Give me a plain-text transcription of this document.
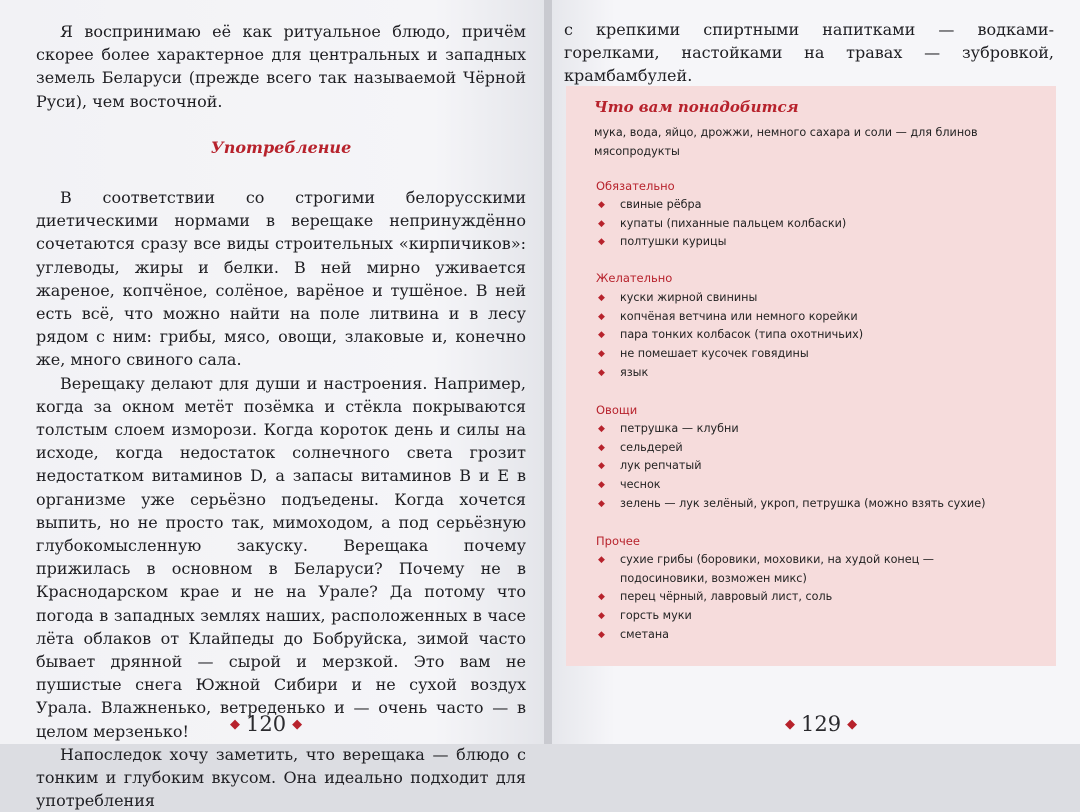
Я воспринимаю её как ритуальное блюдо, причём скорее более характерное для центральных и западных земель Беларуси (прежде всего так называемой Чёрной Руси), чем восточной.

Употребление

В соответствии со строгими белорусскими диетическими нормами в верещаке непринуждённо сочетаются сразу все виды строительных «кирпичиков»: углеводы, жиры и белки. В ней мирно уживается жареное, копчёное, солёное, варёное и тушёное. В ней есть всё, что можно найти на поле литвина и в лесу рядом с ним: грибы, мясо, овощи, злаковые и, конечно же, много свиного сала.

Верещаку делают для души и настроения. Например, когда за окном метёт позёмка и стёкла покрываются толстым слоем изморози. Когда короток день и силы на исходе, когда недостаток солнечного света грозит недостатком витаминов D, а запасы витаминов В и Е в организме уже серьёзно подъедены. Когда хочется выпить, но не просто так, мимоходом, а под серьёзную глубокомысленную закуску. Верещака почему прижилась в основном в Беларуси? Почему не в Краснодарском крае и не на Урале? Да потому что погода в западных землях наших, расположенных в часе лёта облаков от Клайпеды до Бобруйска, зимой часто бывает дрянной — сырой и мерзкой. Это вам не пушистые снега Южной Сибири и не сухой воздух Урала. Влажненько, ветреденько и — очень часто — в целом мерзенько!

Напоследок хочу заметить, что верещака — блюдо с тонким и глубоким вкусом. Она идеально подходит для употребления

◆ 120 ◆

с крепкими спиртными напитками — водками-горелками, настойками на травах — зубровкой, крамбамбулей.

Что вам понадобится
мука, вода, яйцо, дрожжи, немного сахара и соли — для блинов мясопродукты
Обязательно
◆ свиные рёбра
◆ купаты (пиханные пальцем колбаски)
◆ полтушки курицы
Желательно
◆ куски жирной свинины
◆ копчёная ветчина или немного корейки
◆ пара тонких колбасок (типа охотничьих)
◆ не помешает кусочек говядины
◆ язык
Овощи
◆ петрушка — клубни
◆ сельдерей
◆ лук репчатый
◆ чеснок
◆ зелень — лук зелёный, укроп, петрушка (можно взять сухие)
Прочее
◆ сухие грибы (боровики, моховики, на худой конец — подосиновики, возможен микс)
◆ перец чёрный, лавровый лист, соль
◆ горсть муки
◆ сметана
◆ 129 ◆
